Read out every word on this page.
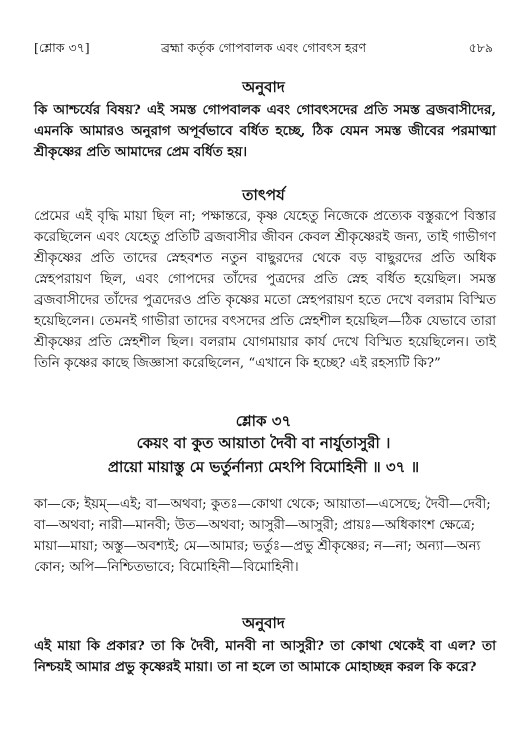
[শ্লোক ৩৭]	ব্রহ্মা কর্তৃক গোপবালক এবং গোবৎস হরণ	৫৮৯
অনুবাদ

কি আশ্চর্যের বিষয়? এই সমস্ত গোপবালক এবং গোবৎসদের প্রতি সমস্ত ব্রজবাসীদের, এমনকি আমারও অনুরাগ অপূর্বভাবে বর্ধিত হচ্ছে, ঠিক যেমন সমস্ত জীবের পরমাত্মা শ্রীকৃষ্ণের প্রতি আমাদের প্রেম বর্ধিত হয়।

তাৎপর্য

প্রেমের এই বৃদ্ধি মায়া ছিল না; পক্ষান্তরে, কৃষ্ণ যেহেতু নিজেকে প্রত্যেক বস্তুরূপে বিস্তার করেছিলেন এবং যেহেতু প্রতিটি ব্রজবাসীর জীবন কেবল শ্রীকৃষ্ণেরই জন্য, তাই গাভীগণ শ্রীকৃষ্ণের প্রতি তাদের স্নেহবশত নতুন বাছুরদের থেকে বড় বাছুরদের প্রতি অধিক স্নেহপরায়ণ ছিল, এবং গোপদের তাঁদের পুত্রদের প্রতি স্নেহ বর্ধিত হয়েছিল। সমস্ত ব্রজবাসীদের তাঁদের পুত্রদেরও প্রতি কৃষ্ণের মতো স্নেহপরায়ণ হতে দেখে বলরাম বিস্মিত হয়েছিলেন। তেমনই গাভীরা তাদের বৎসদের প্রতি স্নেহশীল হয়েছিল—ঠিক যেভাবে তারা শ্রীকৃষ্ণের প্রতি স্নেহশীল ছিল। বলরাম যোগমায়ার কার্য দেখে বিস্মিত হয়েছিলেন। তাই তিনি কৃষ্ণের কাছে জিজ্ঞাসা করেছিলেন, “এখানে কি হচ্ছে? এই রহস্যটি কি?”

শ্লোক ৩৭
কেয়ং বা কুত আয়াতা দৈবী বা নার্যুতাসুরী ।
প্রায়ো মায়াস্তু মে ভর্তুর্নান্যা মেঽপি বিমোহিনী ॥ ৩৭ ॥

কা—কে; ইয়ম্—এই; বা—অথবা; কুতঃ—কোথা থেকে; আয়াতা—এসেছে; দৈবী—দেবী; বা—অথবা; নারী—মানবী; উত—অথবা; আসুরী—আসুরী; প্রায়ঃ—অধিকাংশ ক্ষেত্রে; মায়া—মায়া; অস্তু—অবশ্যই; মে—আমার; ভর্তুঃ—প্রভু শ্রীকৃষ্ণের; ন—না; অন্যা—অন্য কোন; অপি—নিশ্চিতভাবে; বিমোহিনী—বিমোহিনী।

অনুবাদ

এই মায়া কি প্রকার? তা কি দৈবী, মানবী না আসুরী? তা কোথা থেকেই বা এল? তা নিশ্চয়ই আমার প্রভু কৃষ্ণেরই মায়া। তা না হলে তা আমাকে মোহাচ্ছন্ন করল কি করে?
